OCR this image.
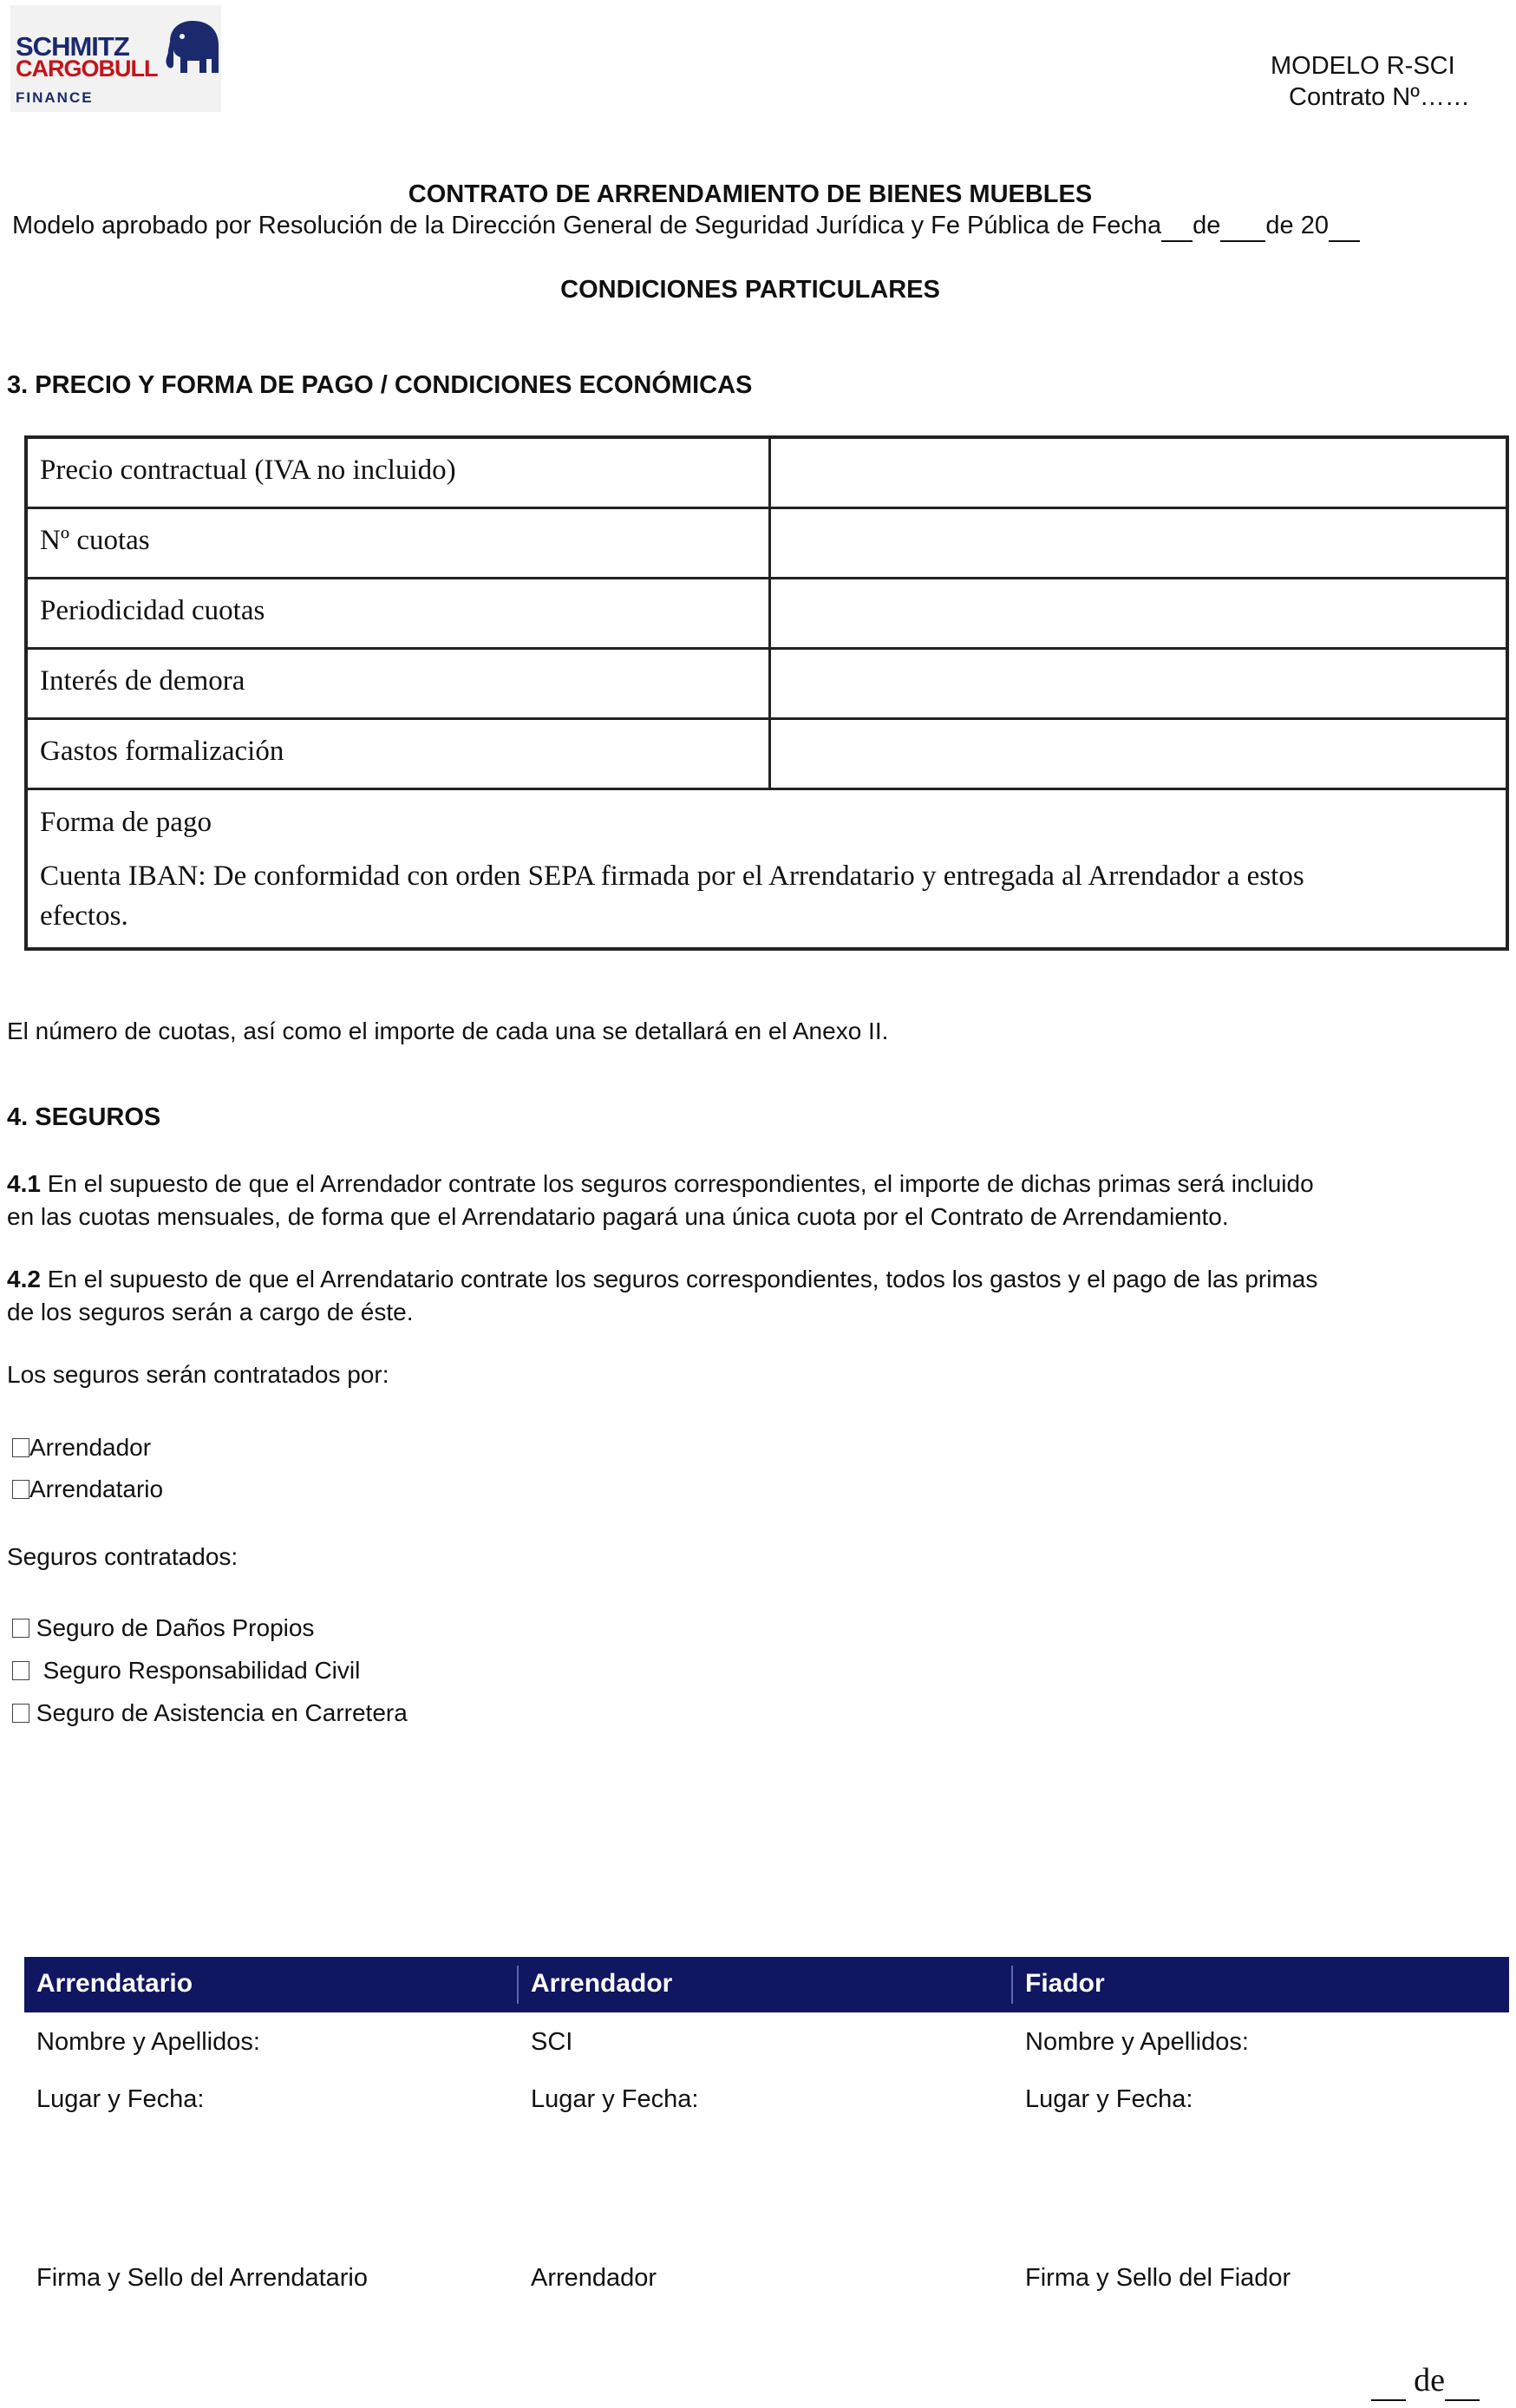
SCHMITZ
CARGOBULL
FINANCE
MODELO R-SCI
Contrato Nº……
CONTRATO DE ARRENDAMIENTO DE BIENES MUEBLES
Modelo aprobado por Resolución de la Dirección General de Seguridad Jurídica y Fe Pública de Fecha de de 20
CONDICIONES PARTICULARES
3. PRECIO Y FORMA DE PAGO / CONDICIONES ECONÓMICAS
Precio contractual (IVA no incluido)
Nº cuotas
Periodicidad cuotas
Interés de demora
Gastos formalización
Forma de pago
Cuenta IBAN: De conformidad con orden SEPA firmada por el Arrendatario y entregada al Arrendador a estos
efectos.
El número de cuotas, así como el importe de cada una se detallará en el Anexo II.
4. SEGUROS
4.1 En el supuesto de que el Arrendador contrate los seguros correspondientes, el importe de dichas primas será incluido
en las cuotas mensuales, de forma que el Arrendatario pagará una única cuota por el Contrato de Arrendamiento.
4.2 En el supuesto de que el Arrendatario contrate los seguros correspondientes, todos los gastos y el pago de las primas
de los seguros serán a cargo de éste.
Los seguros serán contratados por:
Arrendador
Arrendatario
Seguros contratados:
Seguro de Daños Propios
Seguro Responsabilidad Civil
Seguro de Asistencia en Carretera
Arrendatario	Arrendador	Fiador
Nombre y Apellidos:	SCI	Nombre y Apellidos:
Lugar y Fecha:	Lugar y Fecha:	Lugar y Fecha:
Firma y Sello del Arrendatario	Arrendador	Firma y Sello del Fiador
de
